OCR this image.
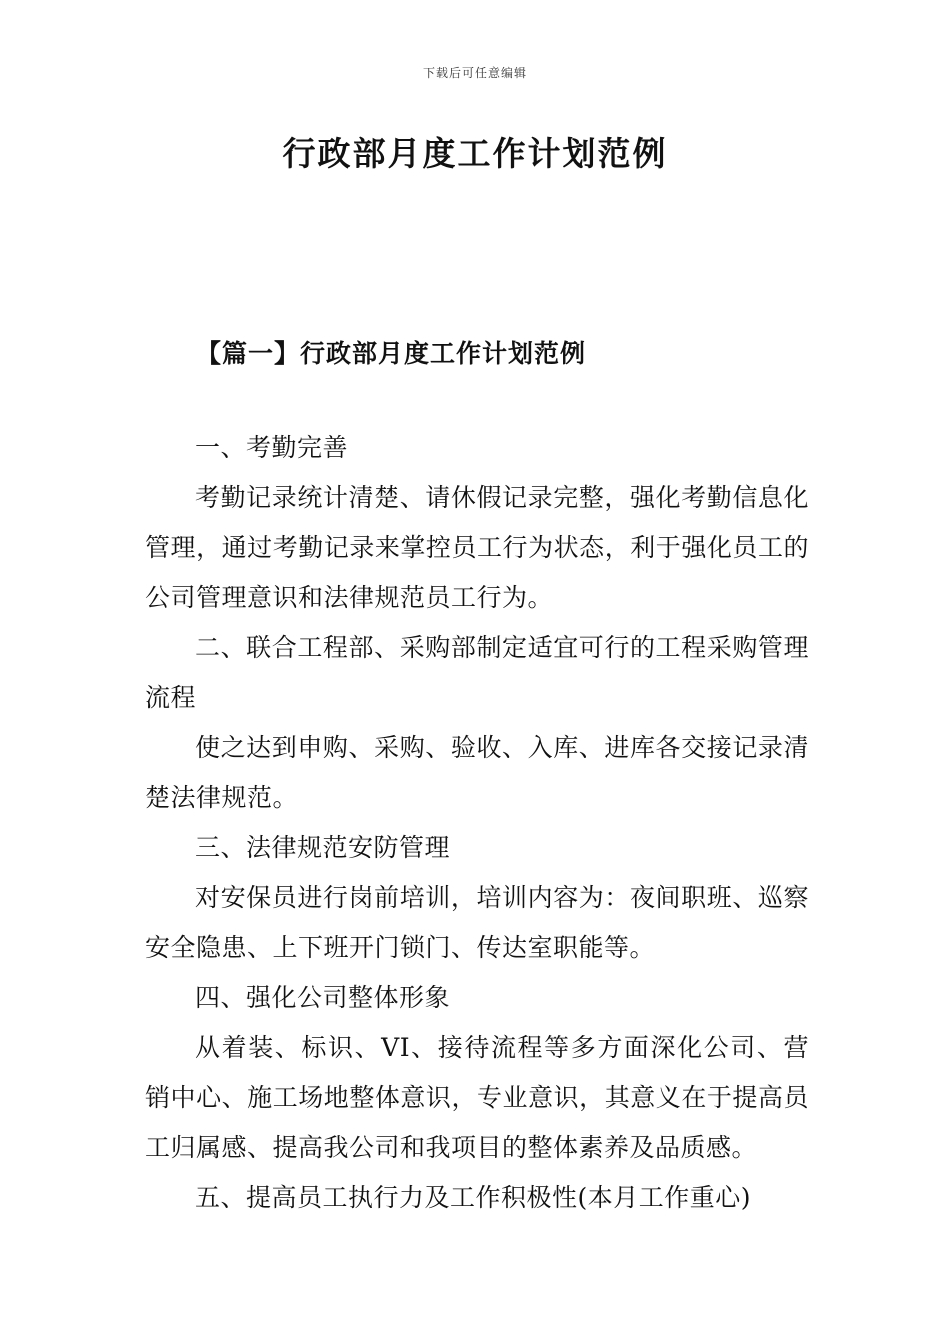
下载后可任意编辑
行政部月度工作计划范例
【篇一】行政部月度工作计划范例

一、考勤完善

考勤记录统计清楚、请休假记录完整，强化考勤信息化管理，通过考勤记录来掌控员工行为状态，利于强化员工的公司管理意识和法律规范员工行为。

二、联合工程部、采购部制定适宜可行的工程采购管理流程

使之达到申购、采购、验收、入库、进库各交接记录清楚法律规范。

三、法律规范安防管理

对安保员进行岗前培训，培训内容为：夜间职班、巡察安全隐患、上下班开门锁门、传达室职能等。

四、强化公司整体形象

从着装、标识、VI、接待流程等多方面深化公司、营销中心、施工场地整体意识，专业意识，其意义在于提高员工归属感、提高我公司和我项目的整体素养及品质感。

五、提高员工执行力及工作积极性(本月工作重心)
